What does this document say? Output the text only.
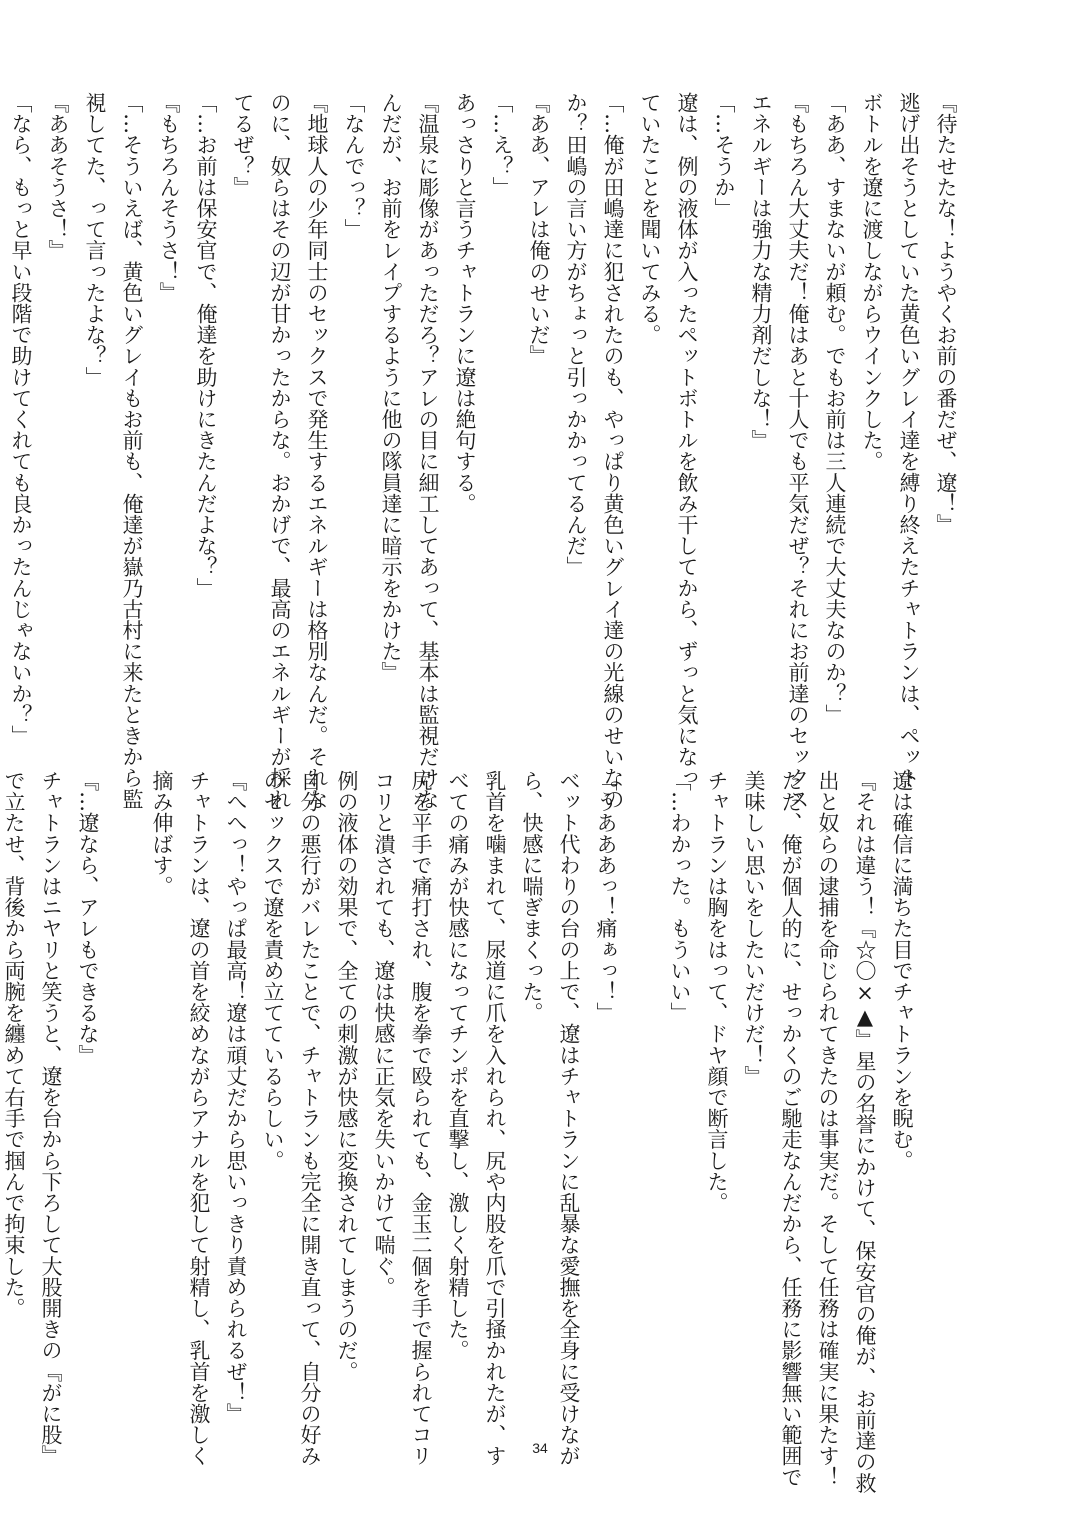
『待たせたな！ようやくお前の番だぜ、遼！』
逃げ出そうとしていた黄色いグレイ達を縛り終えたチャトランは、ペット
ボトルを遼に渡しながらウインクした。
「ああ、すまないが頼む。でもお前は三人連続で大丈夫なのか？」
『もちろん大丈夫だ！俺はあと十人でも平気だぜ？それにお前達のセックス
エネルギーは強力な精力剤だしな！』
「…そうか」
遼は、例の液体が入ったペットボトルを飲み干してから、ずっと気になっ
ていたことを聞いてみる。
「…俺が田嶋達に犯されたのも、やっぱり黄色いグレイ達の光線のせいなの
か？田嶋の言い方がちょっと引っかかってるんだ」
『ああ、アレは俺のせいだ』
「…え？」
あっさりと言うチャトランに遼は絶句する。
『温泉に彫像があっただろ？アレの目に細工してあって、基本は監視だけな
んだが、お前をレイプするように他の隊員達に暗示をかけた』
「なんでっ？」
『地球人の少年同士のセックスで発生するエネルギーは格別なんだ。それな
のに、奴らはその辺が甘かったからな。おかげで、最高のエネルギーが採れ
てるぜ？』
「…お前は保安官で、俺達を助けにきたんだよな？」
『もちろんそうさ！』
「…そういえば、黄色いグレイもお前も、俺達が嶽乃古村に来たときから監
視してた、って言ったよな？」
『ああそうさ！』
「なら、もっと早い段階で助けてくれても良かったんじゃないか？」
遼は確信に満ちた目でチャトランを睨む。
『それは違う！『☆〇×▲』星の名誉にかけて、保安官の俺が、お前達の救
出と奴らの逮捕を命じられてきたのは事実だ。そして任務は確実に果たす！
ただ、俺が個人的に、せっかくのご馳走なんだから、任務に影響無い範囲で
美味しい思いをしたいだけだ！』
チャトランは胸をはって、ドヤ顔で断言した。
「…わかった。もういい」

「うあああっ！痛ぁっ！」
ベット代わりの台の上で、遼はチャトランに乱暴な愛撫を全身に受けなが
ら、快感に喘ぎまくった。
乳首を噛まれて、尿道に爪を入れられ、尻や内股を爪で引掻かれたが、す
べての痛みが快感になってチンポを直撃し、激しく射精した。
尻を平手で痛打され、腹を拳で殴られても、金玉二個を手で握られてコリ
コリと潰されても、遼は快感に正気を失いかけて喘ぐ。
例の液体の効果で、全ての刺激が快感に変換されてしまうのだ。
自分の悪行がバレたことで、チャトランも完全に開き直って、自分の好み
のセックスで遼を責め立てているらしい。
『へへっ！やっぱ最高！遼は頑丈だから思いっきり責められるぜ！』
チャトランは、遼の首を絞めながらアナルを犯して射精し、乳首を激しく
摘み伸ばす。

『…遼なら、アレもできるな』
チャトランはニヤリと笑うと、遼を台から下ろして大股開きの『がに股』
で立たせ、背後から両腕を纏めて右手で掴んで拘束した。
34
